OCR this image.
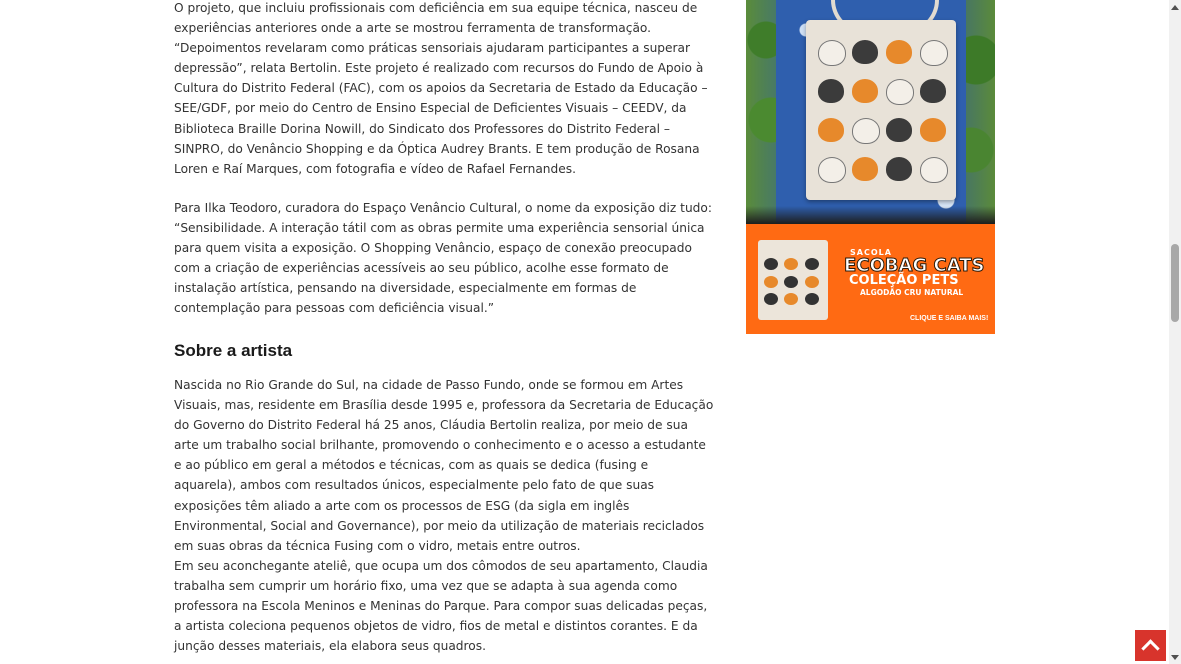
O projeto, que incluiu profissionais com deficiência em sua equipe técnica, nasceu de experiências anteriores onde a arte se mostrou ferramenta de transformação. “Depoimentos revelaram como práticas sensoriais ajudaram participantes a superar depressão”, relata Bertolin. Este projeto é realizado com recursos do Fundo de Apoio à Cultura do Distrito Federal (FAC), com os apoios da Secretaria de Estado da Educação – SEE/GDF, por meio do Centro de Ensino Especial de Deficientes Visuais – CEEDV, da Biblioteca Braille Dorina Nowill, do Sindicato dos Professores do Distrito Federal – SINPRO, do Venâncio Shopping e da Óptica Audrey Brants. E tem produção de Rosana Loren e Raí Marques, com fotografia e vídeo de Rafael Fernandes.

Para Ilka Teodoro, curadora do Espaço Venâncio Cultural, o nome da exposição diz tudo: “Sensibilidade. A interação tátil com as obras permite uma experiência sensorial única para quem visita a exposição. O Shopping Venâncio, espaço de conexão preocupado com a criação de experiências acessíveis ao seu público, acolhe esse formato de instalação artística, pensando na diversidade, especialmente em formas de contemplação para pessoas com deficiência visual.”

Sobre a artista

Nascida no Rio Grande do Sul, na cidade de Passo Fundo, onde se formou em Artes Visuais, mas, residente em Brasília desde 1995 e, professora da Secretaria de Educação do Governo do Distrito Federal há 25 anos, Cláudia Bertolin realiza, por meio de sua arte um trabalho social brilhante, promovendo o conhecimento e o acesso a estudante e ao público em geral a métodos e técnicas, com as quais se dedica (fusing e aquarela), ambos com resultados únicos, especialmente pelo fato de que suas exposições têm aliado a arte com os processos de ESG (da sigla em inglês Environmental, Social and Governance), por meio da utilização de materiais reciclados em suas obras da técnica Fusing com o vidro, metais entre outros.

Em seu aconchegante ateliê, que ocupa um dos cômodos de seu apartamento, Claudia trabalha sem cumprir um horário fixo, uma vez que se adapta à sua agenda como professora na Escola Meninos e Meninas do Parque. Para compor suas delicadas peças, a artista coleciona pequenos objetos de vidro, fios de metal e distintos corantes. E da junção desses materiais, ela elabora seus quadros.

SACOLA
ECOBAG CATS
COLEÇÃO PETS
ALGODÃO CRU NATURAL
CLIQUE E SAIBA MAIS!
